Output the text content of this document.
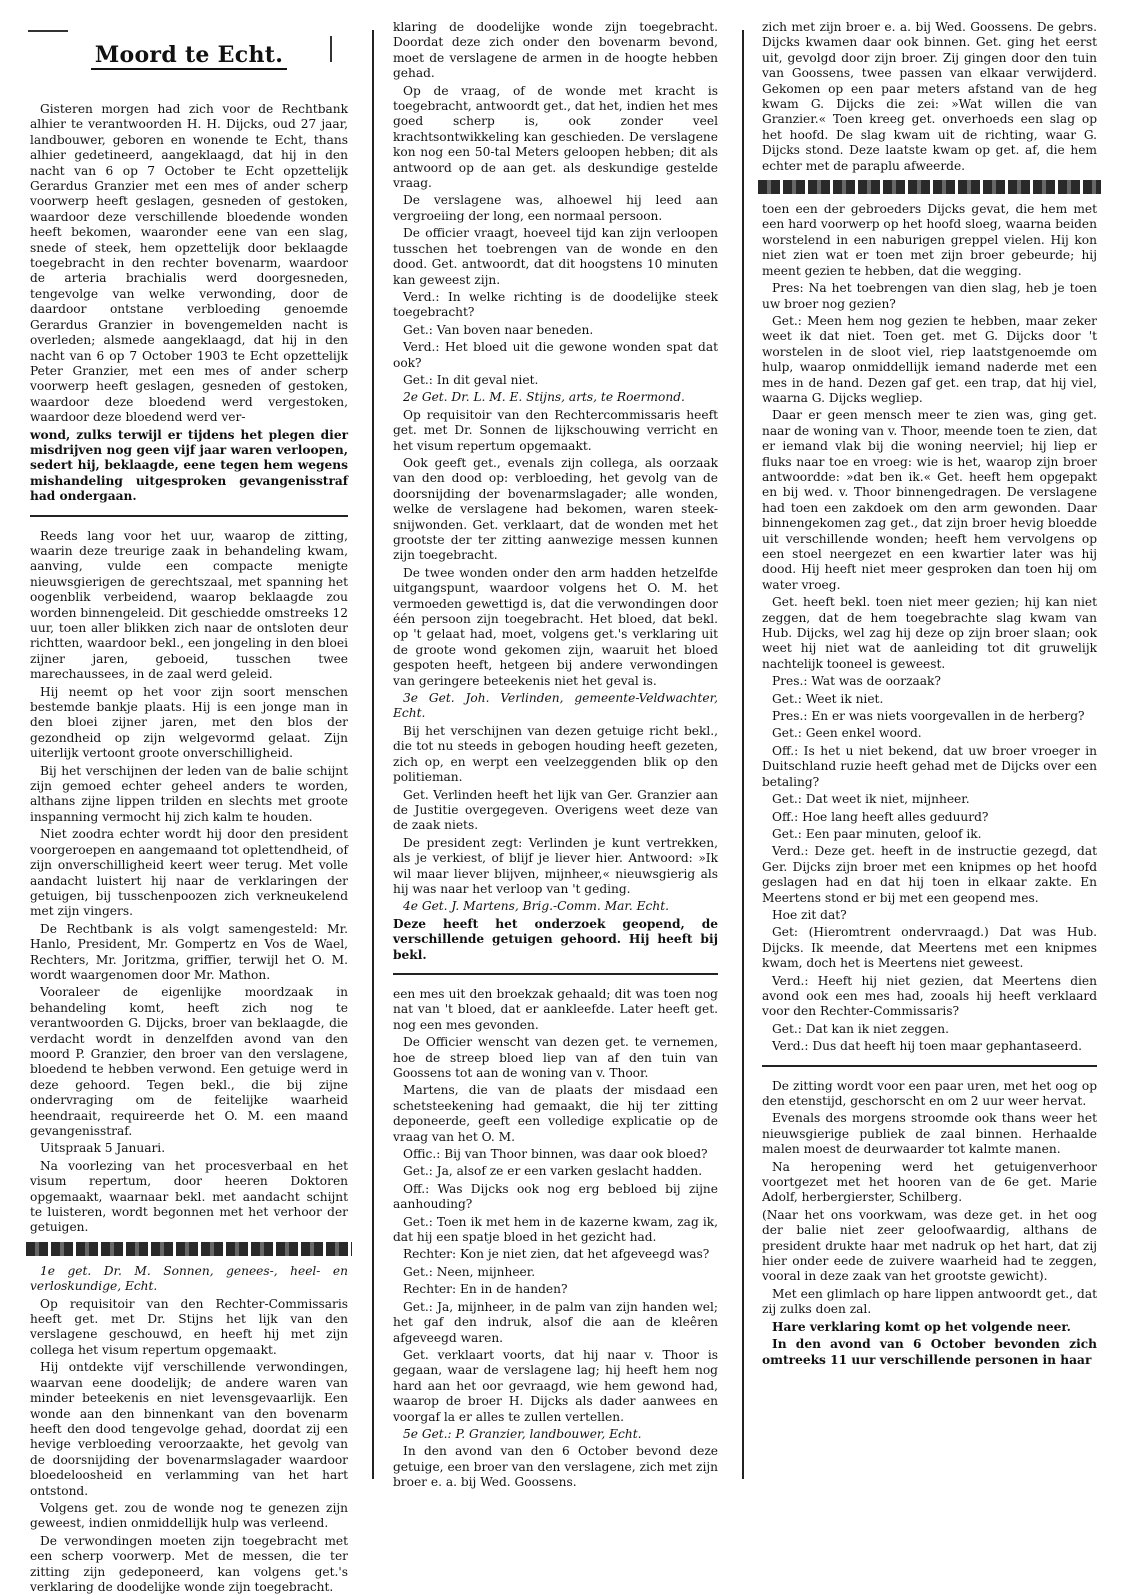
Moord te Echt.

Gisteren morgen had zich voor de Rechtbank alhier te verantwoorden H. H. Dijcks, oud 27 jaar, landbouwer, geboren en wonende te Echt, thans alhier gedetineerd, aangeklaagd, dat hij in den nacht van 6 op 7 October te Echt opzettelijk Gerardus Granzier met een mes of ander scherp voorwerp heeft geslagen, gesneden of gestoken, waardoor deze verschillende bloedende wonden heeft bekomen, waaronder eene van een slag, snede of steek, hem opzettelijk door beklaagde toegebracht in den rechter bovenarm, waardoor de arteria brachialis werd doorgesneden, tengevolge van welke verwonding, door de daardoor ontstane verbloeding genoemde Gerardus Granzier in bovengemelden nacht is overleden; alsmede aangeklaagd, dat hij in den nacht van 6 op 7 October 1903 te Echt opzettelijk Peter Granzier, met een mes of ander scherp voorwerp heeft geslagen, gesneden of gestoken, waardoor deze bloedend werd vergestoken, waardoor deze bloedend werd ver-

wond, zulks terwijl er tijdens het plegen dier misdrijven nog geen vijf jaar waren verloopen, sedert hij, beklaagde, eene tegen hem wegens mishandeling uitgesproken gevangenisstraf had ondergaan.

Reeds lang voor het uur, waarop de zitting, waarin deze treurige zaak in behandeling kwam, aanving, vulde een compacte menigte nieuwsgierigen de gerechtszaal, met spanning het oogenblik verbeidend, waarop beklaagde zou worden binnengeleid. Dit geschiedde omstreeks 12 uur, toen aller blikken zich naar de ontsloten deur richtten, waardoor bekl., een jongeling in den bloei zijner jaren, geboeid, tusschen twee marechaussees, in de zaal werd geleid.

Hij neemt op het voor zijn soort menschen bestemde bankje plaats. Hij is een jonge man in den bloei zijner jaren, met den blos der gezondheid op zijn welgevormd gelaat. Zijn uiterlijk vertoont groote onverschilligheid.

Bij het verschijnen der leden van de balie schijnt zijn gemoed echter geheel anders te worden, althans zijne lippen trilden en slechts met groote inspanning vermocht hij zich kalm te houden.

Niet zoodra echter wordt hij door den president voorgeroepen en aangemaand tot oplettendheid, of zijn onverschilligheid keert weer terug. Met volle aandacht luistert hij naar de verklaringen der getuigen, bij tusschenpoozen zich verkneukelend met zijn vingers.

De Rechtbank is als volgt samengesteld: Mr. Hanlo, President, Mr. Gompertz en Vos de Wael, Rechters, Mr. Joritzma, griffier, terwijl het O. M. wordt waargenomen door Mr. Mathon.

Vooraleer de eigenlijke moordzaak in behandeling komt, heeft zich nog te verantwoorden G. Dijcks, broer van beklaagde, die verdacht wordt in denzelfden avond van den moord P. Granzier, den broer van den verslagene, bloedend te hebben verwond. Een getuige werd in deze gehoord. Tegen bekl., die bij zijne ondervraging om de feitelijke waarheid heendraait, requireerde het O. M. een maand gevangenisstraf.

Uitspraak 5 Januari.

Na voorlezing van het procesverbaal en het visum repertum, door heeren Doktoren opgemaakt, waarnaar bekl. met aandacht schijnt te luisteren, wordt begonnen met het verhoor der getuigen.

1e get. Dr. M. Sonnen, genees-, heel- en verloskundige, Echt.

Op requisitoir van den Rechter-Commissaris heeft get. met Dr. Stijns het lijk van den verslagene geschouwd, en heeft hij met zijn collega het visum repertum opgemaakt.

Hij ontdekte vijf verschillende verwondingen, waarvan eene doodelijk; de andere waren van minder beteekenis en niet levensgevaarlijk. Een wonde aan den binnenkant van den bovenarm heeft den dood tengevolge gehad, doordat zij een hevige verbloeding veroorzaakte, het gevolg van de doorsnijding der bovenarmslagader waardoor bloedeloosheid en verlamming van het hart ontstond.

Volgens get. zou de wonde nog te genezen zijn geweest, indien onmiddellijk hulp was verleend.

De verwondingen moeten zijn toegebracht met een scherp voorwerp. Met de messen, die ter zitting zijn gedeponeerd, kan volgens get.'s verklaring de doodelijke wonde zijn toegebracht.

klaring de doodelijke wonde zijn toegebracht. Doordat deze zich onder den bovenarm bevond, moet de verslagene de armen in de hoogte hebben gehad.

Op de vraag, of de wonde met kracht is toegebracht, antwoordt get., dat het, indien het mes goed scherp is, ook zonder veel krachtsontwikkeling kan geschieden. De verslagene kon nog een 50-tal Meters geloopen hebben; dit als antwoord op de aan get. als deskundige gestelde vraag.

De verslagene was, alhoewel hij leed aan vergroeiing der long, een normaal persoon.

De officier vraagt, hoeveel tijd kan zijn verloopen tusschen het toebrengen van de wonde en den dood. Get. antwoordt, dat dit hoogstens 10 minuten kan geweest zijn.

Verd.: In welke richting is de doodelijke steek toegebracht?

Get.: Van boven naar beneden.

Verd.: Het bloed uit die gewone wonden spat dat ook?

Get.: In dit geval niet.

2e Get. Dr. L. M. E. Stijns, arts, te Roermond.

Op requisitoir van den Rechtercommissaris heeft get. met Dr. Sonnen de lijkschouwing verricht en het visum repertum opgemaakt.

Ook geeft get., evenals zijn collega, als oorzaak van den dood op: verbloeding, het gevolg van de doorsnijding der bovenarmslagader; alle wonden, welke de verslagene had bekomen, waren steek- snijwonden. Get. verklaart, dat de wonden met het grootste der ter zitting aanwezige messen kunnen zijn toegebracht.

De twee wonden onder den arm hadden hetzelfde uitgangspunt, waardoor volgens het O. M. het vermoeden gewettigd is, dat die verwondingen door één persoon zijn toegebracht. Het bloed, dat bekl. op 't gelaat had, moet, volgens get.'s verklaring uit de groote wond gekomen zijn, waaruit het bloed gespoten heeft, hetgeen bij andere verwondingen van geringere beteekenis niet het geval is.

3e Get. Joh. Verlinden, gemeente-Veldwachter, Echt.

Bij het verschijnen van dezen getuige richt bekl., die tot nu steeds in gebogen houding heeft gezeten, zich op, en werpt een veelzeggenden blik op den politieman.

Get. Verlinden heeft het lijk van Ger. Granzier aan de Justitie overgegeven. Overigens weet deze van de zaak niets.

De president zegt: Verlinden je kunt vertrekken, als je verkiest, of blijf je liever hier. Antwoord: »Ik wil maar liever blijven, mijnheer,« nieuwsgierig als hij was naar het verloop van 't geding.

4e Get. J. Martens, Brig.-Comm. Mar. Echt.

Deze heeft het onderzoek geopend, de verschillende getuigen gehoord. Hij heeft bij bekl.

een mes uit den broekzak gehaald; dit was toen nog nat van 't bloed, dat er aankleefde. Later heeft get. nog een mes gevonden.

De Officier wenscht van dezen get. te vernemen, hoe de streep bloed liep van af den tuin van Goossens tot aan de woning van v. Thoor.

Martens, die van de plaats der misdaad een schetsteekening had gemaakt, die hij ter zitting deponeerde, geeft een volledige explicatie op de vraag van het O. M.

Offic.: Bij van Thoor binnen, was daar ook bloed?

Get.: Ja, alsof ze er een varken geslacht hadden.

Off.: Was Dijcks ook nog erg bebloed bij zijne aanhouding?

Get.: Toen ik met hem in de kazerne kwam, zag ik, dat hij een spatje bloed in het gezicht had.

Rechter: Kon je niet zien, dat het afgeveegd was?

Get.: Neen, mijnheer.

Rechter: En in de handen?

Get.: Ja, mijnheer, in de palm van zijn handen wel; het gaf den indruk, alsof die aan de kleêren afgeveegd waren.

Get. verklaart voorts, dat hij naar v. Thoor is gegaan, waar de verslagene lag; hij heeft hem nog hard aan het oor gevraagd, wie hem gewond had, waarop de broer H. Dijcks als dader aanwees en voorgaf la er alles te zullen vertellen.

5e Get.: P. Granzier, landbouwer, Echt.

In den avond van den 6 October bevond deze getuige, een broer van den verslagene, zich met zijn broer e. a. bij Wed. Goossens.

zich met zijn broer e. a. bij Wed. Goossens. De gebrs. Dijcks kwamen daar ook binnen. Get. ging het eerst uit, gevolgd door zijn broer. Zij gingen door den tuin van Goossens, twee passen van elkaar verwijderd. Gekomen op een paar meters afstand van de heg kwam G. Dijcks die zei: »Wat willen die van Granzier.« Toen kreeg get. onverhoeds een slag op het hoofd. De slag kwam uit de richting, waar G. Dijcks stond. Deze laatste kwam op get. af, die hem echter met de paraplu afweerde.

toen een der gebroeders Dijcks gevat, die hem met een hard voorwerp op het hoofd sloeg, waarna beiden worstelend in een naburigen greppel vielen. Hij kon niet zien wat er toen met zijn broer gebeurde; hij meent gezien te hebben, dat die wegging.

Pres: Na het toebrengen van dien slag, heb je toen uw broer nog gezien?

Get.: Meen hem nog gezien te hebben, maar zeker weet ik dat niet. Toen get. met G. Dijcks door 't worstelen in de sloot viel, riep laatstgenoemde om hulp, waarop onmiddellijk iemand naderde met een mes in de hand. Dezen gaf get. een trap, dat hij viel, waarna G. Dijcks wegliep.

Daar er geen mensch meer te zien was, ging get. naar de woning van v. Thoor, meende toen te zien, dat er iemand vlak bij die woning neerviel; hij liep er fluks naar toe en vroeg: wie is het, waarop zijn broer antwoordde: »dat ben ik.« Get. heeft hem opgepakt en bij wed. v. Thoor binnengedragen. De verslagene had toen een zakdoek om den arm gewonden. Daar binnengekomen zag get., dat zijn broer hevig bloedde uit verschillende wonden; heeft hem vervolgens op een stoel neergezet en een kwartier later was hij dood. Hij heeft niet meer gesproken dan toen hij om water vroeg.

Get. heeft bekl. toen niet meer gezien; hij kan niet zeggen, dat de hem toegebrachte slag kwam van Hub. Dijcks, wel zag hij deze op zijn broer slaan; ook weet hij niet wat de aanleiding tot dit gruwelijk nachtelijk tooneel is geweest.

Pres.: Wat was de oorzaak?

Get.: Weet ik niet.

Pres.: En er was niets voorgevallen in de herberg?

Get.: Geen enkel woord.

Off.: Is het u niet bekend, dat uw broer vroeger in Duitschland ruzie heeft gehad met de Dijcks over een betaling?

Get.: Dat weet ik niet, mijnheer.

Off.: Hoe lang heeft alles geduurd?

Get.: Een paar minuten, geloof ik.

Verd.: Deze get. heeft in de instructie gezegd, dat Ger. Dijcks zijn broer met een knipmes op het hoofd geslagen had en dat hij toen in elkaar zakte. En Meertens stond er bij met een geopend mes.

Hoe zit dat?

Get: (Hieromtrent ondervraagd.) Dat was Hub. Dijcks. Ik meende, dat Meertens met een knipmes kwam, doch het is Meertens niet geweest.

Verd.: Heeft hij niet gezien, dat Meertens dien avond ook een mes had, zooals hij heeft verklaard voor den Rechter-Commissaris?

Get.: Dat kan ik niet zeggen.

Verd.: Dus dat heeft hij toen maar gephantaseerd.

De zitting wordt voor een paar uren, met het oog op den etenstijd, geschorscht en om 2 uur weer hervat.

Evenals des morgens stroomde ook thans weer het nieuwsgierige publiek de zaal binnen. Herhaalde malen moest de deurwaarder tot kalmte manen.

Na heropening werd het getuigenverhoor voortgezet met het hooren van de 6e get. Marie Adolf, herbergierster, Schilberg.

(Naar het ons voorkwam, was deze get. in het oog der balie niet zeer geloofwaardig, althans de president drukte haar met nadruk op het hart, dat zij hier onder eede de zuivere waarheid had te zeggen, vooral in deze zaak van het grootste gewicht).

Met een glimlach op hare lippen antwoordt get., dat zij zulks doen zal.

Hare verklaring komt op het volgende neer.

In den avond van 6 October bevonden zich omtreeks 11 uur verschillende personen in haar
